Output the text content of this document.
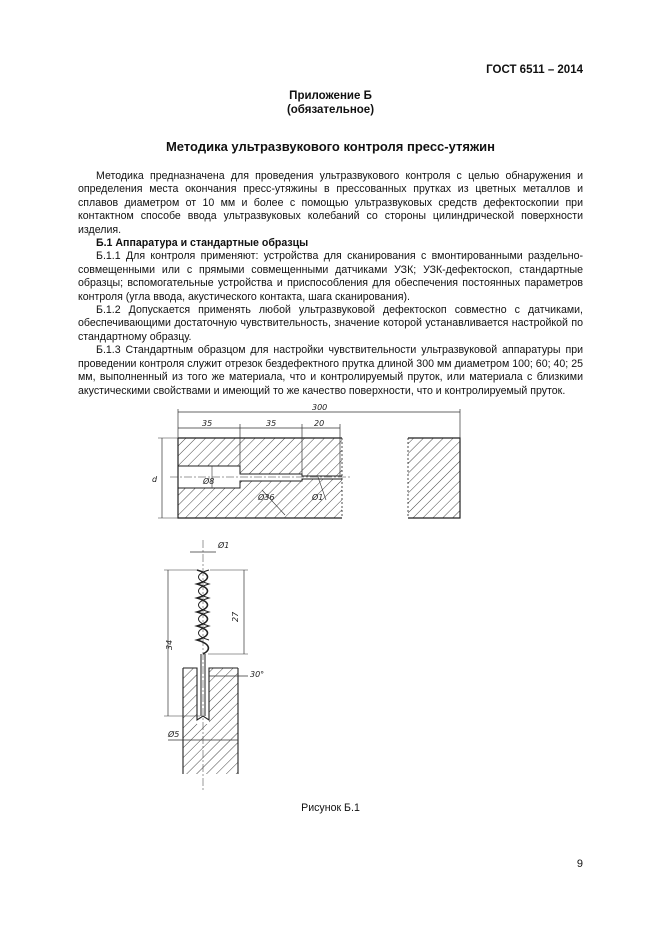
ГОСТ 6511 – 2014
Приложение Б
(обязательное)
Методика ультразвукового контроля пресс-утяжин

Методика предназначена для проведения ультразвукового контроля с целью обнаружения и определения места окончания пресс-утяжины в прессованных прутках из цветных металлов и сплавов диаметром от 10 мм и более с помощью ультразвуковых средств дефектоскопии при контактном способе ввода ультразвуковых колебаний со стороны цилиндрической поверхности изделия.

Б.1 Аппаратура и стандартные образцы

Б.1.1 Для контроля применяют: устройства для сканирования с вмонтированными раздельно-совмещенными или с прямыми совмещенными датчиками УЗК; УЗК-дефектоскоп, стандартные образцы; вспомогательные устройства и приспособления для обеспечения постоянных параметров контроля (угла ввода, акустического контакта, шага сканирования).

Б.1.2 Допускается применять любой ультразвуковой дефектоскоп совместно с датчиками, обеспечивающими достаточную чувствительность, значение которой устанавливается настройкой по стандартному образцу.

Б.1.3 Стандартным образцом для настройки чувствительности ультразвуковой аппаратуры при проведении контроля служит отрезок бездефектного прутка длиной 300 мм диаметром 100; 60; 40; 25 мм, выполненный из того же материала, что и контролируемый пруток, или материала с близкими акустическими свойствами и имеющий то же качество поверхности, что и контролируемый пруток.

300
35	35	20
d	Ø8
Ø36	Ø1
Ø1
34
27
30°
Ø5
Рисунок Б.1
9
